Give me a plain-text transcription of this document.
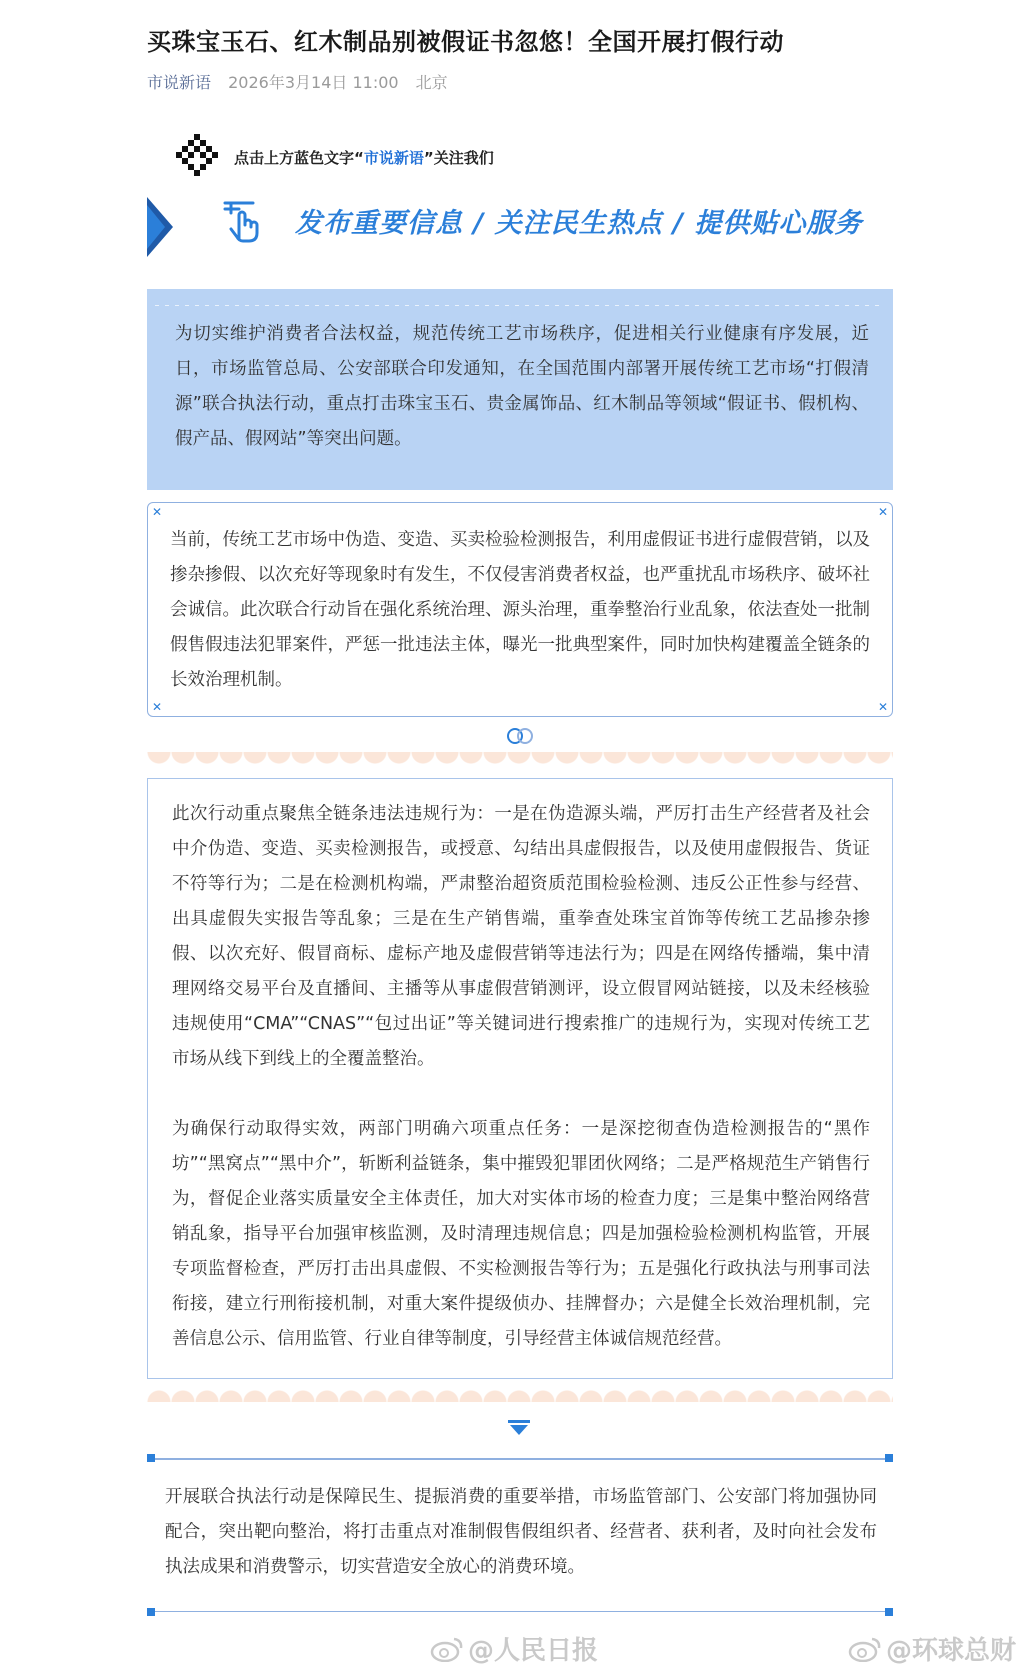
买珠宝玉石、红木制品别被假证书忽悠！全国开展打假行动
市说新语 2026年3月14日 11:00 北京
点击上方蓝色文字“市说新语”关注我们
发布重要信息 / 关注民生热点 / 提供贴心服务

为切实维护消费者合法权益，规范传统工艺市场秩序，促进相关行业健康有序发展，近日，市场监管总局、公安部联合印发通知，在全国范围内部署开展传统工艺市场“打假清源”联合执法行动，重点打击珠宝玉石、贵金属饰品、红木制品等领域“假证书、假机构、假产品、假网站”等突出问题。

✕	✕
✕	✕

当前，传统工艺市场中伪造、变造、买卖检验检测报告，利用虚假证书进行虚假营销，以及掺杂掺假、以次充好等现象时有发生，不仅侵害消费者权益，也严重扰乱市场秩序、破坏社会诚信。此次联合行动旨在强化系统治理、源头治理，重拳整治行业乱象，依法查处一批制假售假违法犯罪案件，严惩一批违法主体，曝光一批典型案件，同时加快构建覆盖全链条的长效治理机制。

此次行动重点聚焦全链条违法违规行为：一是在伪造源头端，严厉打击生产经营者及社会中介伪造、变造、买卖检测报告，或授意、勾结出具虚假报告，以及使用虚假报告、货证不符等行为；二是在检测机构端，严肃整治超资质范围检验检测、违反公正性参与经营、出具虚假失实报告等乱象；三是在生产销售端，重拳查处珠宝首饰等传统工艺品掺杂掺假、以次充好、假冒商标、虚标产地及虚假营销等违法行为；四是在网络传播端，集中清理网络交易平台及直播间、主播等从事虚假营销测评，设立假冒网站链接，以及未经核验违规使用“CMA”“CNAS”“包过出证”等关键词进行搜索推广的违规行为，实现对传统工艺市场从线下到线上的全覆盖整治。

为确保行动取得实效，两部门明确六项重点任务：一是深挖彻查伪造检测报告的“黑作坊”“黑窝点”“黑中介”，斩断利益链条，集中摧毁犯罪团伙网络；二是严格规范生产销售行为，督促企业落实质量安全主体责任，加大对实体市场的检查力度；三是集中整治网络营销乱象，指导平台加强审核监测，及时清理违规信息；四是加强检验检测机构监管，开展专项监督检查，严厉打击出具虚假、不实检测报告等行为；五是强化行政执法与刑事司法衔接，建立行刑衔接机制，对重大案件提级侦办、挂牌督办；六是健全长效治理机制，完善信息公示、信用监管、行业自律等制度，引导经营主体诚信规范经营。

开展联合执法行动是保障民生、提振消费的重要举措，市场监管部门、公安部门将加强协同配合，突出靶向整治，将打击重点对准制假售假组织者、经营者、获利者，及时向社会发布执法成果和消费警示，切实营造安全放心的消费环境。

@人民日报	@环球总财
